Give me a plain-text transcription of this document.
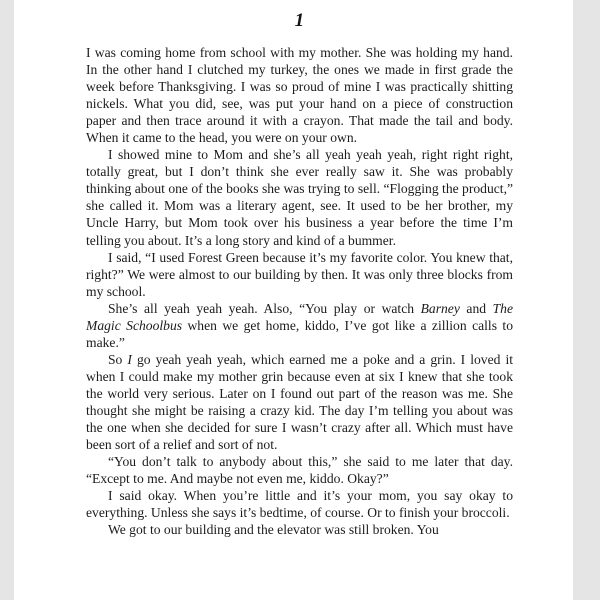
1

I was coming home from school with my mother. She was holding my hand. In the other hand I clutched my turkey, the ones we made in first grade the week before Thanksgiving. I was so proud of mine I was practically shitting nickels. What you did, see, was put your hand on a piece of construction paper and then trace around it with a crayon. That made the tail and body. When it came to the head, you were on your own.

I showed mine to Mom and she’s all yeah yeah yeah, right right right, totally great, but I don’t think she ever really saw it. She was probably thinking about one of the books she was trying to sell. “Flogging the product,” she called it. Mom was a literary agent, see. It used to be her brother, my Uncle Harry, but Mom took over his business a year before the time I’m telling you about. It’s a long story and kind of a bummer.

I said, “I used Forest Green because it’s my favorite color. You knew that, right?” We were almost to our building by then. It was only three blocks from my school.

She’s all yeah yeah yeah. Also, “You play or watch Barney and The Magic Schoolbus when we get home, kiddo, I’ve got like a zillion calls to make.”

So I go yeah yeah yeah, which earned me a poke and a grin. I loved it when I could make my mother grin because even at six I knew that she took the world very serious. Later on I found out part of the reason was me. She thought she might be raising a crazy kid. The day I’m telling you about was the one when she decided for sure I wasn’t crazy after all. Which must have been sort of a relief and sort of not.

“You don’t talk to anybody about this,” she said to me later that day. “Except to me. And maybe not even me, kiddo. Okay?”

I said okay. When you’re little and it’s your mom, you say okay to everything. Unless she says it’s bedtime, of course. Or to finish your broccoli.

We got to our building and the elevator was still broken. You
